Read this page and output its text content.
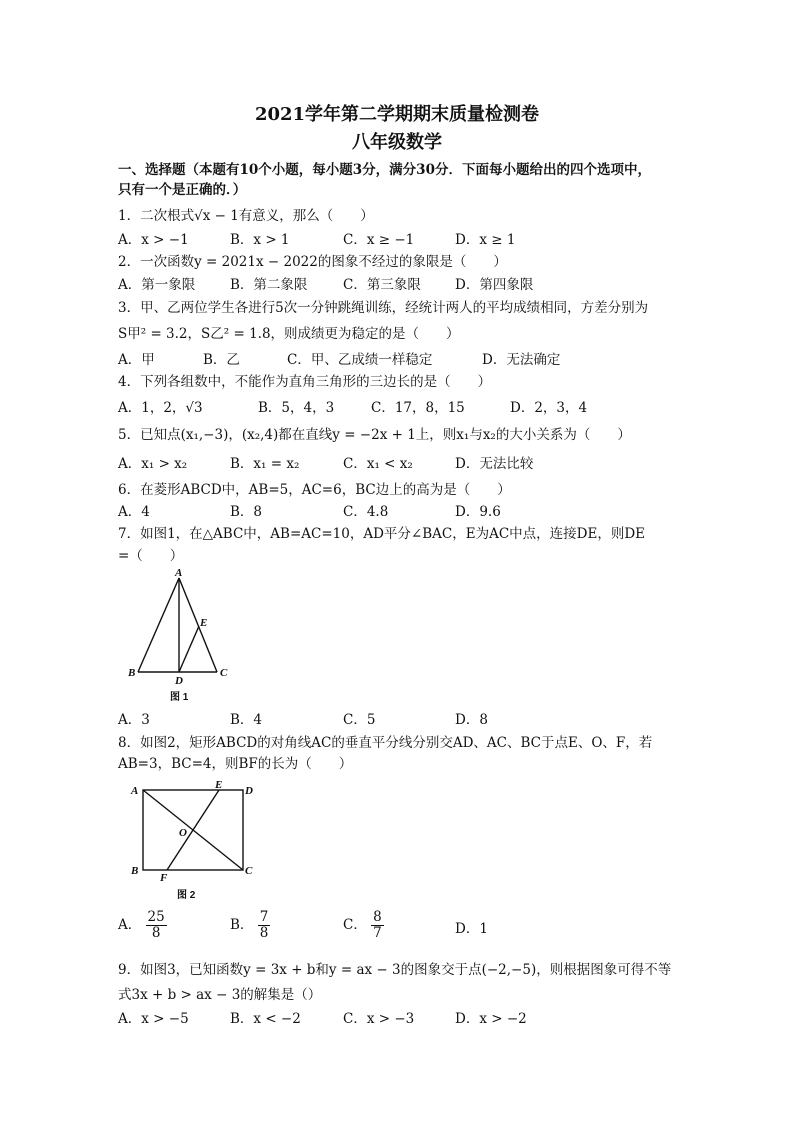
2021学年第二学期期末质量检测卷
八年级数学
一、选择题（本题有10个小题，每小题3分，满分30分．下面每小题给出的四个选项中，
只有一个是正确的．）
1．二次根式√x − 1有意义，那么（　　）
A．x > −1	B．x > 1	C．x ≥ −1	D．x ≥ 1
2．一次函数y = 2021x − 2022的图象不经过的象限是（　　）
A．第一象限	B．第二象限	C．第三象限	D．第四象限
3．甲、乙两位学生各进行5次一分钟跳绳训练，经统计两人的平均成绩相同，方差分别为
S甲² = 3.2，S乙² = 1.8，则成绩更为稳定的是（　　）
A．甲	B．乙	C．甲、乙成绩一样稳定	D．无法确定
4．下列各组数中，不能作为直角三角形的三边长的是（　　）
A．1，2，√3	B．5，4，3	C．17，8，15	D．2，3，4
5．已知点(x₁,−3)，(x₂,4)都在直线y = −2x + 1上，则x₁与x₂的大小关系为（　　）
A．x₁ > x₂	B．x₁ = x₂	C．x₁ < x₂	D．无法比较
6．在菱形ABCD中，AB=5，AC=6，BC边上的高为是（　　）
A．4	B．8	C．4.8	D．9.6
7．如图1，在△ABC中，AB=AC=10，AD平分∠BAC，E为AC中点，连接DE，则DE
=（　　）
A
E
B
D
C
图 1
A．3	B．4	C．5	D．8
8．如图2，矩形ABCD的对角线AC的垂直平分线分别交AD、AC、BC于点E、O、F，若
AB=3，BC=4，则BF的长为（　　）
A	E D
O
B
F
C
图 2
A． $\frac{25}{8}$	B． $\frac{7}{8}$	C． $\frac{8}{7}$	D．1
9．如图3，已知函数y = 3x + b和y = ax − 3的图象交于点(−2,−5)，则根据图象可得不等
式3x + b > ax − 3的解集是（）
A．x > −5	B．x < −2	C．x > −3	D．x > −2
